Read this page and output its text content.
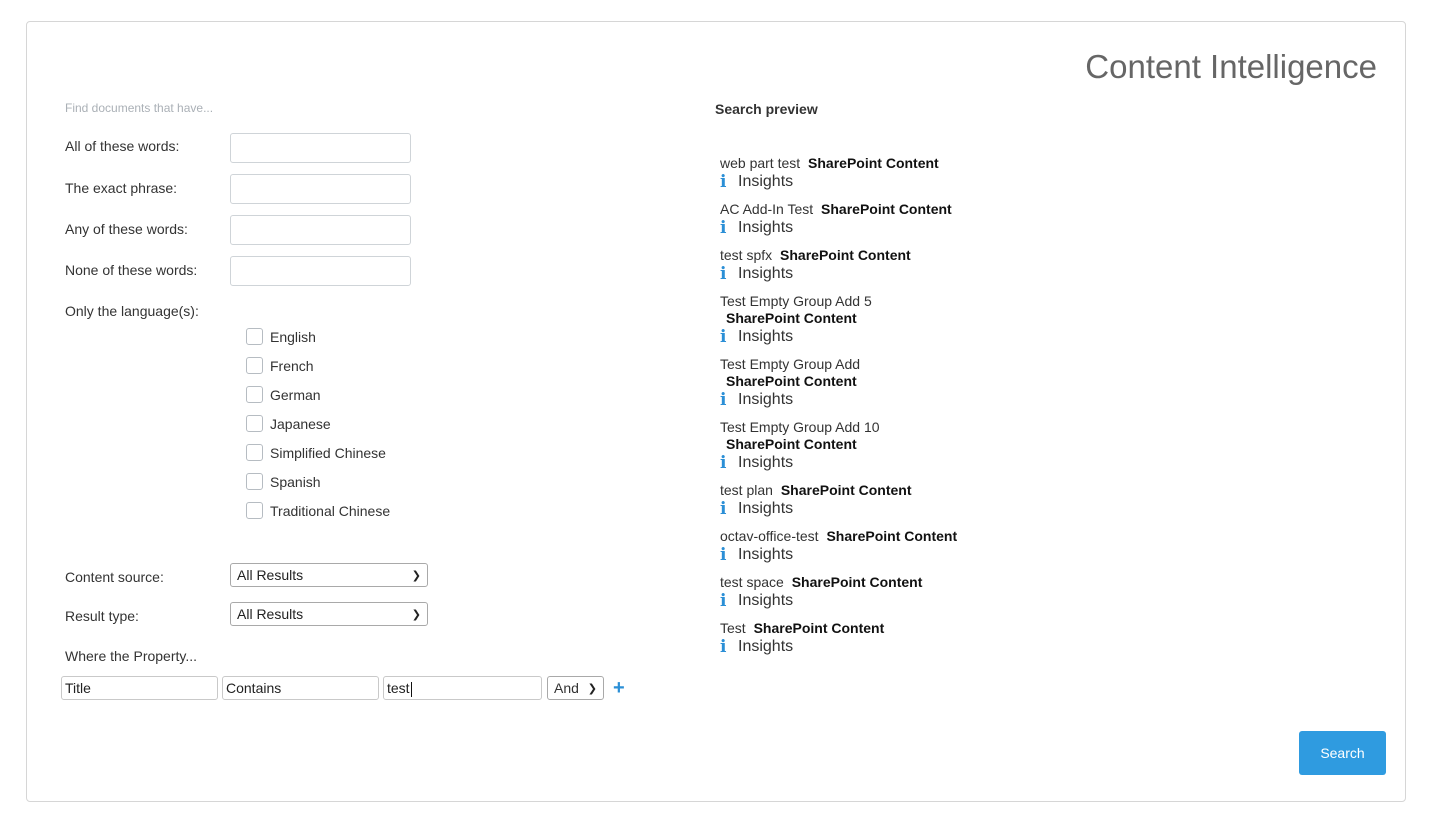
Content Intelligence
Find documents that have...	Search preview
All of these words:
The exact phrase:
Any of these words:
None of these words:
Only the language(s):
English
French
German
Japanese
Simplified Chinese
Spanish
Traditional Chinese
Content source:	All Results	❯
Result type:	All Results	❯
Where the Property...
Title	Contains	test	And ❯ +
web part test SharePoint Content
i Insights
AC Add-In Test SharePoint Content
i Insights
test spfx SharePoint Content
i Insights
Test Empty Group Add 5
SharePoint Content
i Insights
Test Empty Group Add
SharePoint Content
i Insights
Test Empty Group Add 10
SharePoint Content
i Insights
test plan SharePoint Content
i Insights
octav-office-test SharePoint Content
i Insights
test space SharePoint Content
i Insights
Test SharePoint Content
i Insights
Search
